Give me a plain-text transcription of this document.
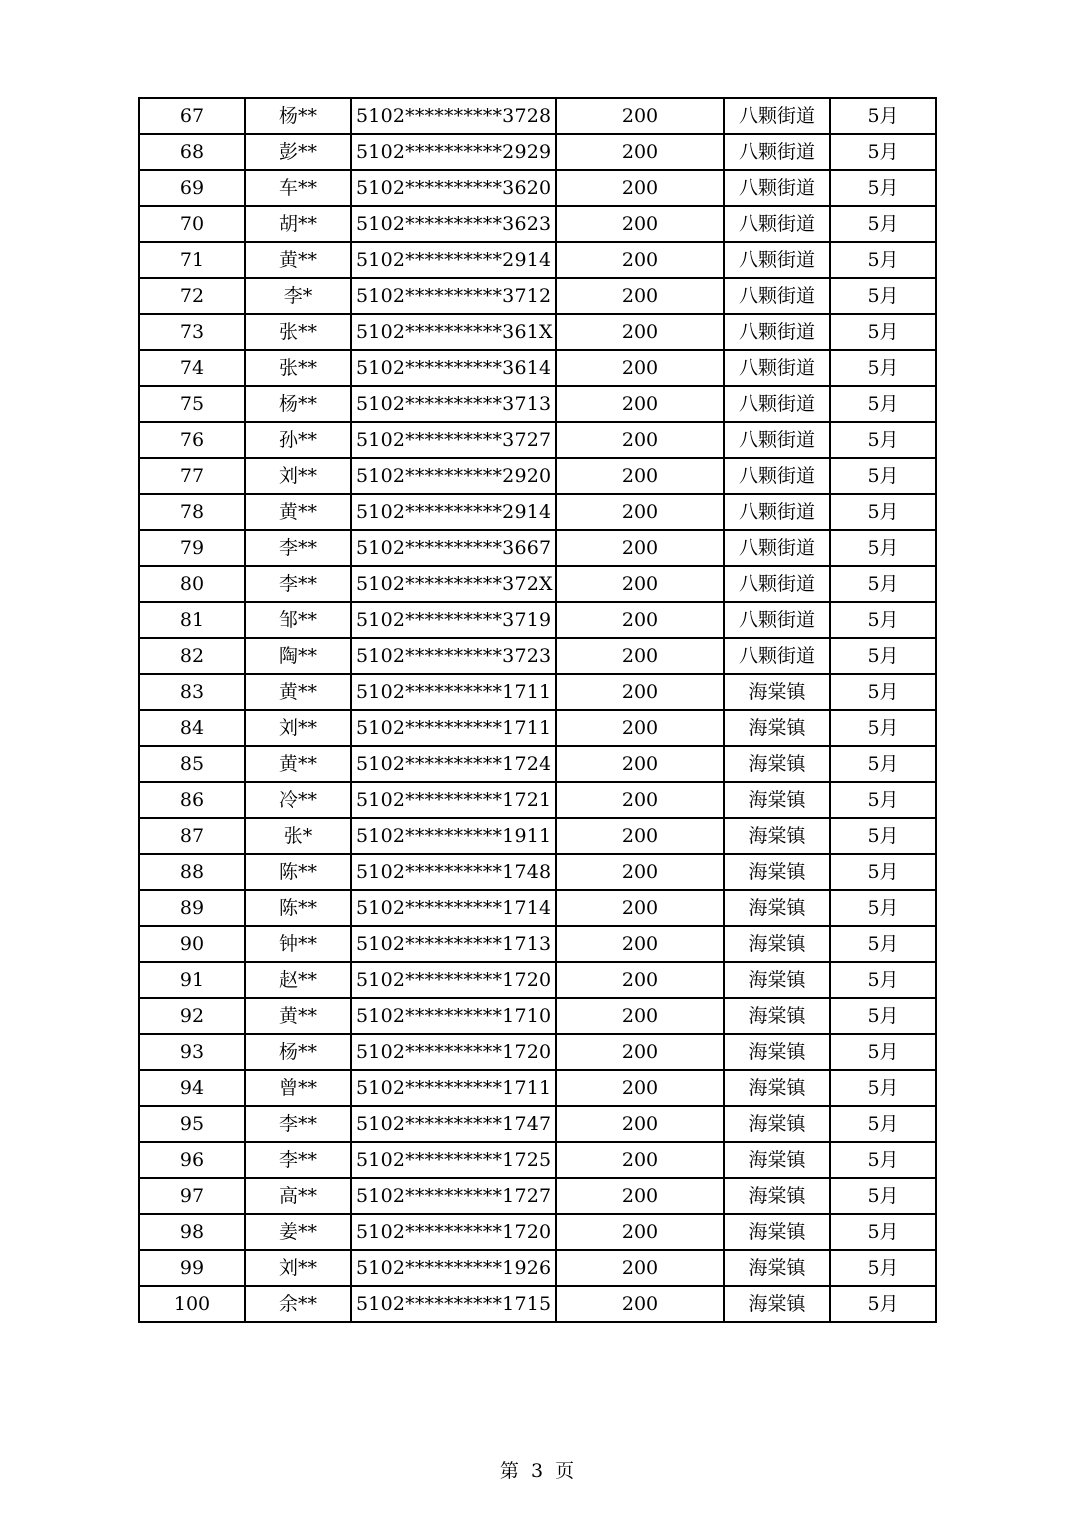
67	杨**	5102**********3728	200	八颗街道	5月
68	彭**	5102**********2929	200	八颗街道	5月
69	车**	5102**********3620	200	八颗街道	5月
70	胡**	5102**********3623	200	八颗街道	5月
71	黄**	5102**********2914	200	八颗街道	5月
72	李*	5102**********3712	200	八颗街道	5月
73	张**	5102**********361X	200	八颗街道	5月
74	张**	5102**********3614	200	八颗街道	5月
75	杨**	5102**********3713	200	八颗街道	5月
76	孙**	5102**********3727	200	八颗街道	5月
77	刘**	5102**********2920	200	八颗街道	5月
78	黄**	5102**********2914	200	八颗街道	5月
79	李**	5102**********3667	200	八颗街道	5月
80	李**	5102**********372X	200	八颗街道	5月
81	邹**	5102**********3719	200	八颗街道	5月
82	陶**	5102**********3723	200	八颗街道	5月
83	黄**	5102**********1711	200	海棠镇	5月
84	刘**	5102**********1711	200	海棠镇	5月
85	黄**	5102**********1724	200	海棠镇	5月
86	冷**	5102**********1721	200	海棠镇	5月
87	张*	5102**********1911	200	海棠镇	5月
88	陈**	5102**********1748	200	海棠镇	5月
89	陈**	5102**********1714	200	海棠镇	5月
90	钟**	5102**********1713	200	海棠镇	5月
91	赵**	5102**********1720	200	海棠镇	5月
92	黄**	5102**********1710	200	海棠镇	5月
93	杨**	5102**********1720	200	海棠镇	5月
94	曾**	5102**********1711	200	海棠镇	5月
95	李**	5102**********1747	200	海棠镇	5月
96	李**	5102**********1725	200	海棠镇	5月
97	高**	5102**********1727	200	海棠镇	5月
98	姜**	5102**********1720	200	海棠镇	5月
99	刘**	5102**********1926	200	海棠镇	5月
100	余**	5102**********1715	200	海棠镇	5月
第 3 页
